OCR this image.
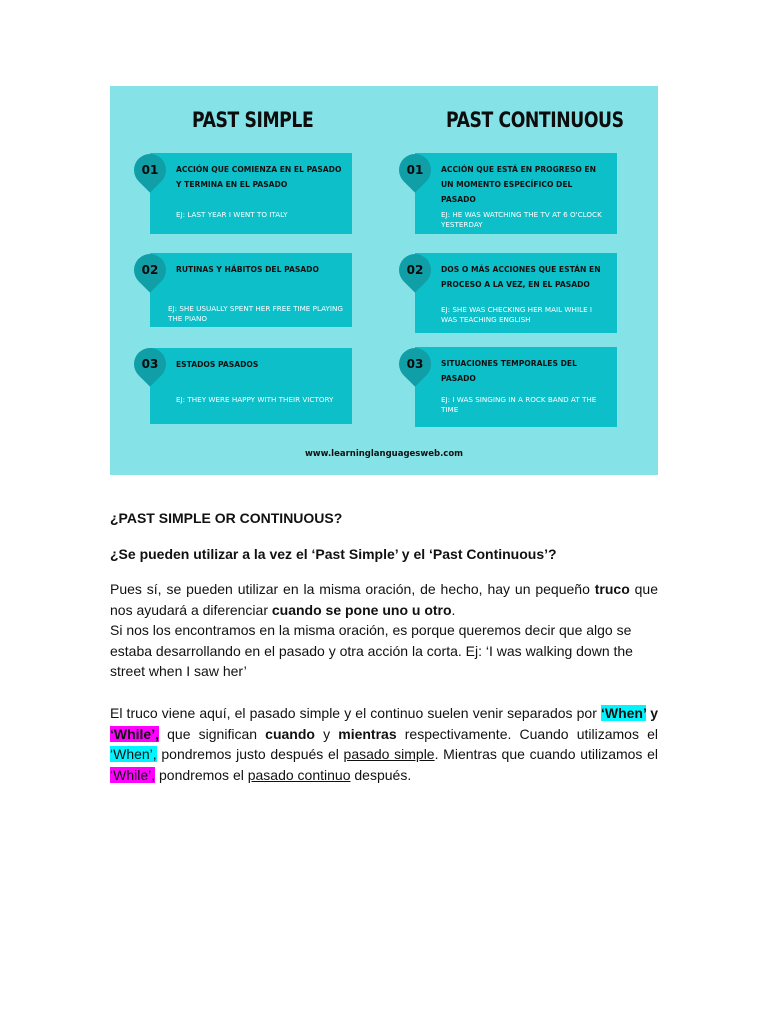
PAST SIMPLE	PAST CONTINUOUS
ACCIÓN QUE COMIENZA EN EL PASADO Y TERMINA EN EL PASADO
EJ: LAST YEAR I WENT TO ITALY
01
RUTINAS Y HÁBITOS DEL PASADO
EJ: SHE USUALLY SPENT HER FREE TIME PLAYING THE PIANO
02
ESTADOS PASADOS
EJ: THEY WERE HAPPY WITH THEIR VICTORY
03
ACCIÓN QUE ESTÁ EN PROGRESO EN UN MOMENTO ESPECÍFICO DEL PASADO
EJ: HE WAS WATCHING THE TV AT 6 O'CLOCK YESTERDAY
01
DOS O MÁS ACCIONES QUE ESTÁN EN PROCESO A LA VEZ, EN EL PASADO
EJ: SHE WAS CHECKING HER MAIL WHILE I WAS TEACHING ENGLISH
02
SITUACIONES TEMPORALES DEL PASADO
EJ: I WAS SINGING IN A ROCK BAND AT THE TIME
03
www.learninglanguagesweb.com
¿PAST SIMPLE OR CONTINUOUS?
¿Se pueden utilizar a la vez el ‘Past Simple’ y el ‘Past Continuous’?
Pues sí, se pueden utilizar en la misma oración, de hecho, hay un pequeño truco que nos ayudará a diferenciar cuando se pone uno u otro.
Si nos los encontramos en la misma oración, es porque queremos decir que algo se estaba desarrollando en el pasado y otra acción la corta. Ej: ‘I was walking down the street when I saw her’
El truco viene aquí, el pasado simple y el continuo suelen venir separados por ‘When’ y ‘While’, que significan cuando y mientras respectivamente. Cuando utilizamos el ‘When’, pondremos justo después el pasado simple. Mientras que cuando utilizamos el ‘While’, pondremos el pasado continuo después.
